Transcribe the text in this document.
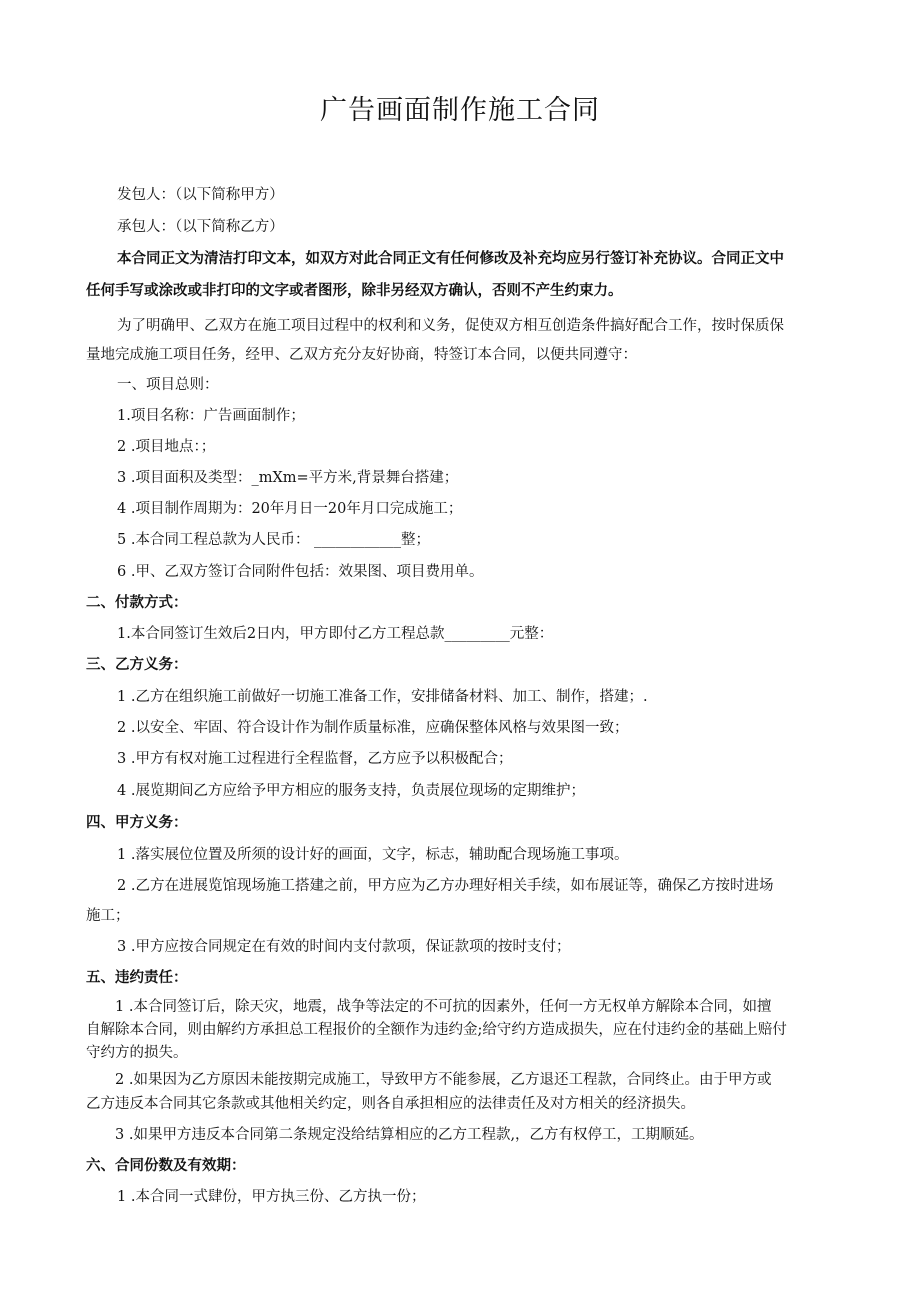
广告画面制作施工合同
发包人：（以下简称甲方）
承包人：（以下简称乙方）
本合同正文为清洁打印文本，如双方对此合同正文有任何修改及补充均应另行签订补充协议。合同正文中
任何手写或涂改或非打印的文字或者图形，除非另经双方确认，否则不产生约束力。
为了明确甲、乙双方在施工项目过程中的权利和义务，促使双方相互创造条件搞好配合工作，按时保质保
量地完成施工项目任务，经甲、乙双方充分友好协商，特签订本合同，以便共同遵守：
一、项目总则：
1.项目名称：广告画面制作；
2 .项目地点：；
3 .项目面积及类型：_mXm=平方米,背景舞台搭建；
4 .项目制作周期为：20年月日一20年月口完成施工；
5 .本合同工程总款为人民币： ____________整；
6 .甲、乙双方签订合同附件包括：效果图、项目费用单。
二、付款方式：
1.本合同签订生效后2日内，甲方即付乙方工程总款_________元整：
三、乙方义务：
1 .乙方在组织施工前做好一切施工准备工作，安排储备材料、加工、制作，搭建；.
2 .以安全、牢固、符合设计作为制作质量标准，应确保整体风格与效果图一致；
3 .甲方有权对施工过程进行全程监督，乙方应予以积极配合；
4 .展览期间乙方应给予甲方相应的服务支持，负责展位现场的定期维护；
四、甲方义务：
1 .落实展位位置及所须的设计好的画面，文字，标志，辅助配合现场施工事项。
2 .乙方在进展览馆现场施工搭建之前，甲方应为乙方办理好相关手续，如布展证等，确保乙方按时进场
施工；
3 .甲方应按合同规定在有效的时间内支付款项，保证款项的按时支付；
五、违约责任：
1 .本合同签订后，除天灾，地震，战争等法定的不可抗的因素外，任何一方无权单方解除本合同，如擅
自解除本合同，则由解约方承担总工程报价的全额作为违约金;给守约方造成损失，应在付违约金的基础上赔付
守约方的损失。
2 .如果因为乙方原因未能按期完成施工，导致甲方不能参展，乙方退还工程款，合同终止。由于甲方或
乙方违反本合同其它条款或其他相关约定，则各自承担相应的法律责任及对方相关的经济损失。
3 .如果甲方违反本合同第二条规定没给结算相应的乙方工程款,，乙方有权停工，工期顺延。
六、合同份数及有效期：
1 .本合同一式肆份，甲方执三份、乙方执一份；
